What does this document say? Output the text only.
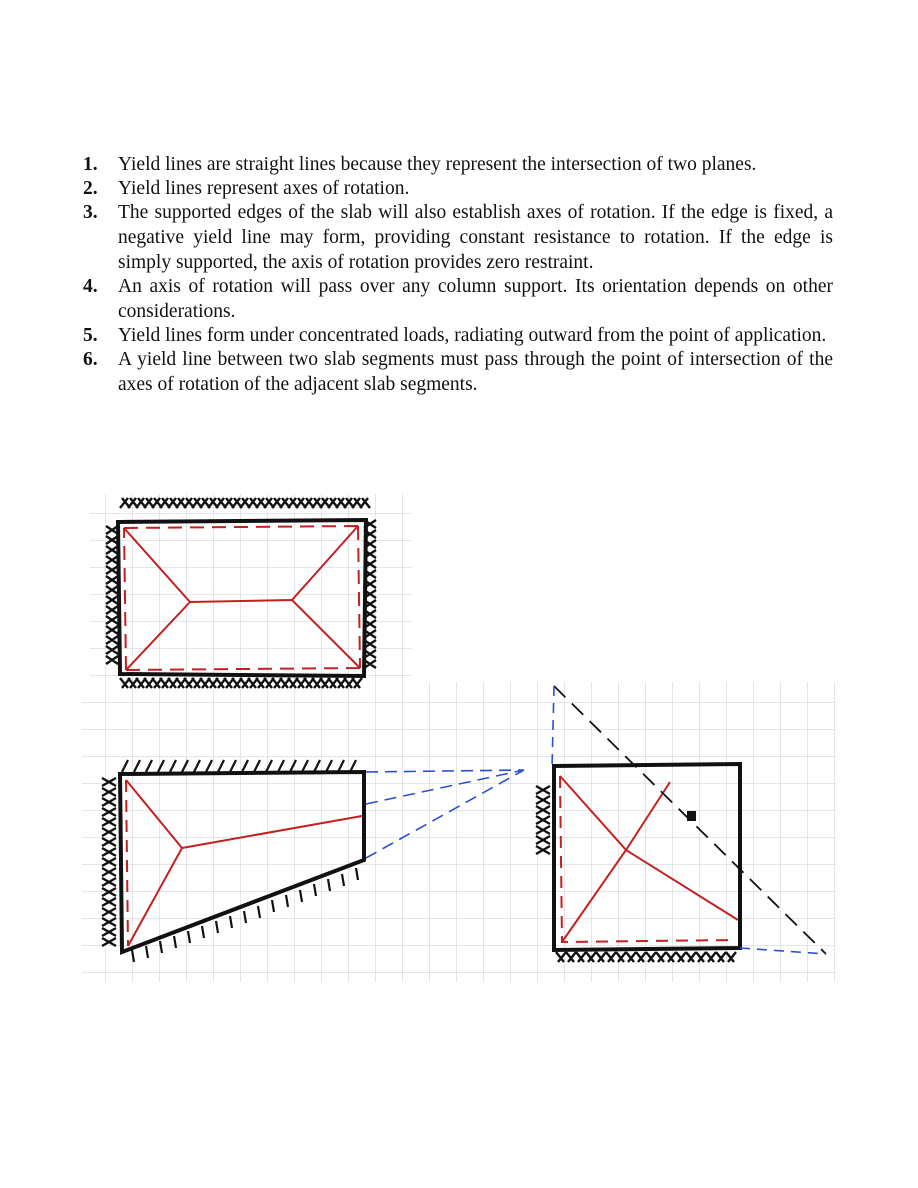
1 . Yield lines are straight lines because they represent the intersection of two planes.
2 . Yield lines represent axes of rotation.
3 . The supported edges of the slab will also establish axes of rotation. If the edge is fixed, a negative yield line may form, providing constant resistance to rotation. If the edge is simply supported, the axis of rotation provides zero restraint.
4 . An axis of rotation will pass over any column support. Its orientation depends on other considerations.
5 . Yield lines form under concentrated loads, radiating outward from the point of application.
6 . A yield line between two slab segments must pass through the point of intersection of the axes of rotation of the adjacent slab segments.
